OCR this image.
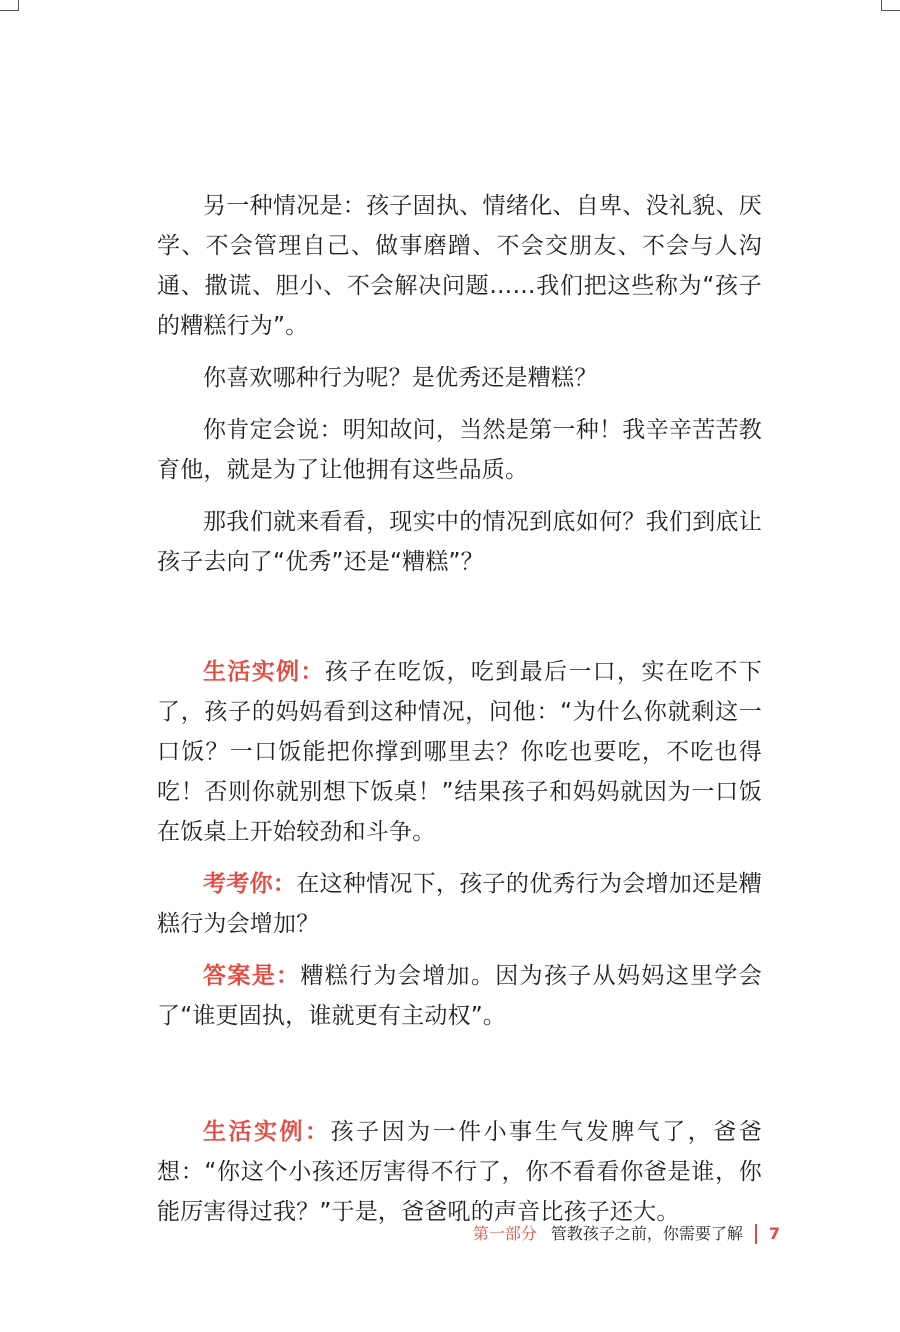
另一种情况是：孩子固执、情绪化、自卑、没礼貌、厌学、不会管理自己、做事磨蹭、不会交朋友、不会与人沟通、撒谎、胆小、不会解决问题……我们把这些称为“孩子的糟糕行为”。

你喜欢哪种行为呢？是优秀还是糟糕？

你肯定会说：明知故问，当然是第一种！我辛辛苦苦教育他，就是为了让他拥有这些品质。

那我们就来看看，现实中的情况到底如何？我们到底让孩子去向了“优秀”还是“糟糕”？

生活实例：孩子在吃饭，吃到最后一口，实在吃不下了，孩子的妈妈看到这种情况，问他：“为什么你就剩这一口饭？一口饭能把你撑到哪里去？你吃也要吃，不吃也得吃！否则你就别想下饭桌！”结果孩子和妈妈就因为一口饭在饭桌上开始较劲和斗争。

考考你：在这种情况下，孩子的优秀行为会增加还是糟糕行为会增加？

答案是：糟糕行为会增加。因为孩子从妈妈这里学会了“谁更固执，谁就更有主动权”。

生活实例：孩子因为一件小事生气发脾气了，爸爸想：“你这个小孩还厉害得不行了，你不看看你爸是谁，你能厉害得过我？”于是，爸爸吼的声音比孩子还大。

第一部分 管教孩子之前，你需要了解 7
